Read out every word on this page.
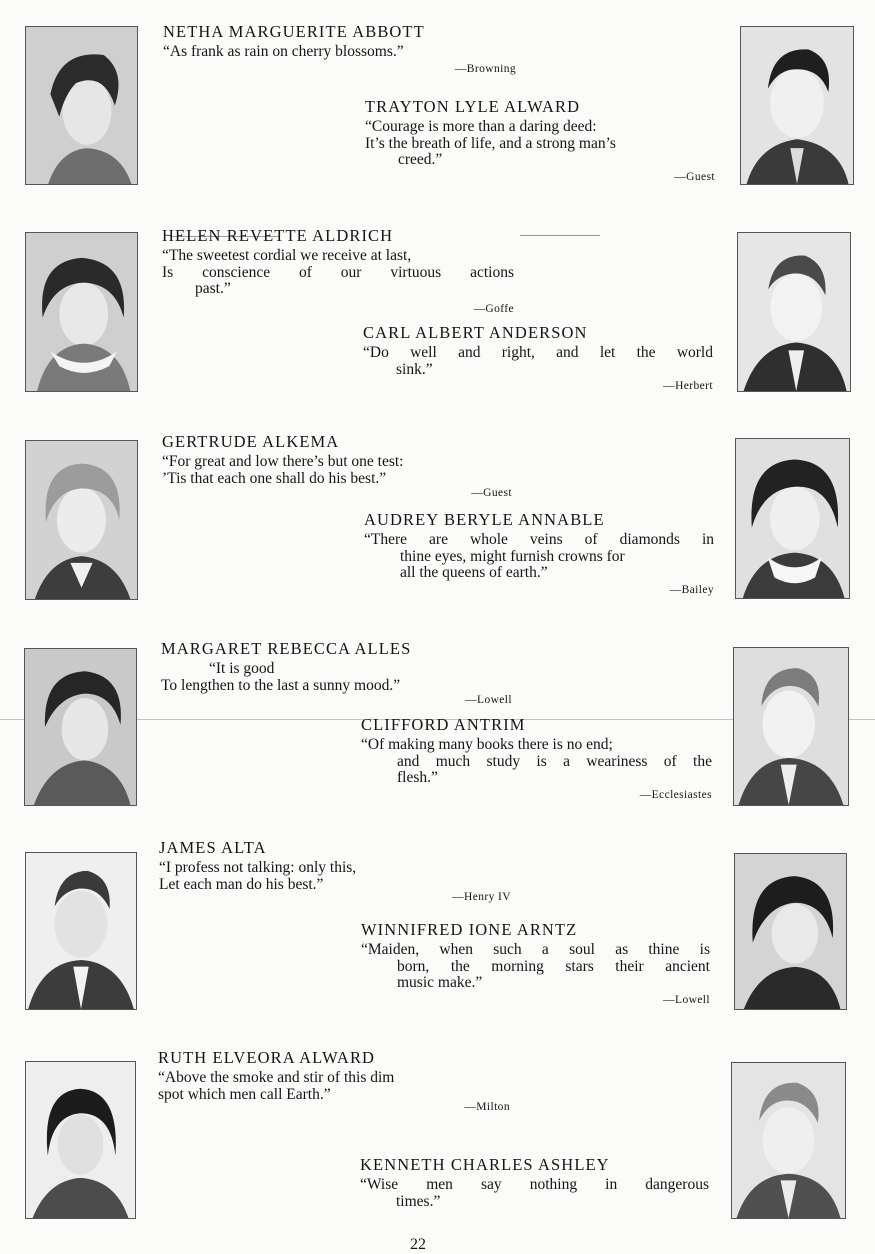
NETHA MARGUERITE ABBOTT

“As frank as rain on cherry blossoms.”

—Browning

TRAYTON LYLE ALWARD

“Courage is more than a daring deed:
It’s the breath of life, and a strong man’s
creed.”

—Guest

HELEN REVETTE ALDRICH

“The sweetest cordial we receive at last,
Is conscience of our virtuous actions
past.”

—Goffe

CARL ALBERT ANDERSON

“Do well and right, and let the world
sink.”

—Herbert

GERTRUDE ALKEMA

“For great and low there’s but one test:
’Tis that each one shall do his best.”

—Guest

AUDREY BERYLE ANNABLE

“There are whole veins of diamonds in
thine eyes, might furnish crowns for
all the queens of earth.”

—Bailey

MARGARET REBECCA ALLES

“It is good
To lengthen to the last a sunny mood.”

—Lowell

CLIFFORD ANTRIM

“Of making many books there is no end;
and much study is a weariness of the
flesh.”

—Ecclesiastes

JAMES ALTA

“I profess not talking: only this,
Let each man do his best.”

—Henry IV

WINNIFRED IONE ARNTZ

“Maiden, when such a soul as thine is
born, the morning stars their ancient
music make.”

—Lowell

RUTH ELVEORA ALWARD

“Above the smoke and stir of this dim
spot which men call Earth.”

—Milton

KENNETH CHARLES ASHLEY

“Wise men say nothing in dangerous
times.”

22
